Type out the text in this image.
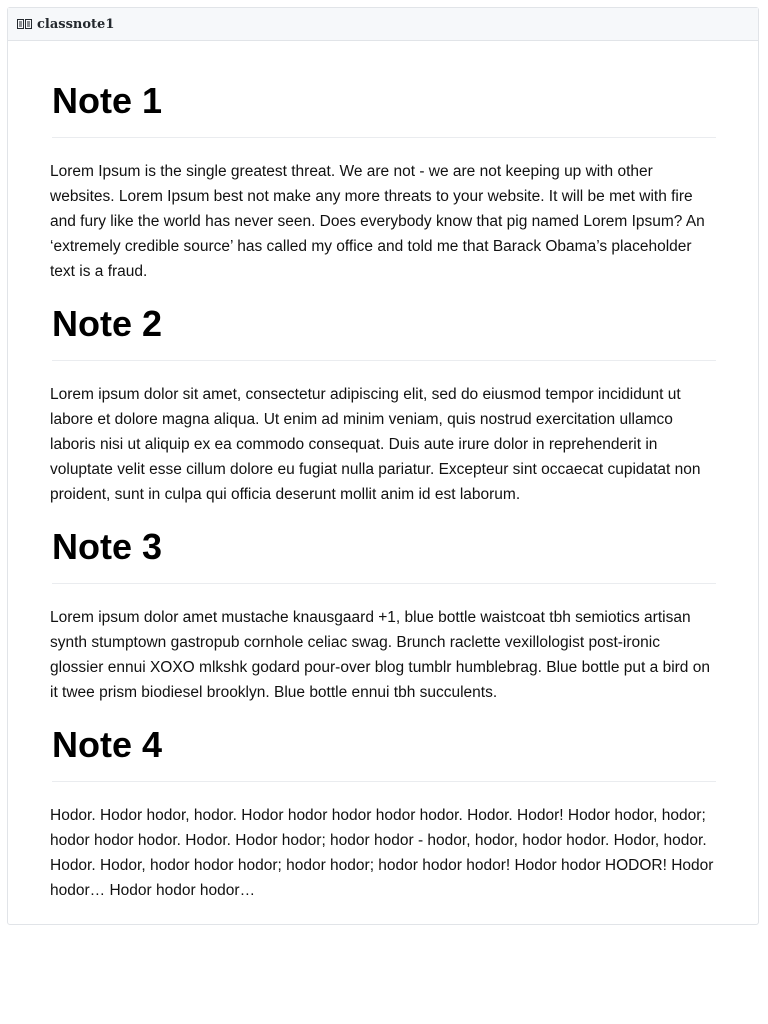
classnote1
Note 1

Lorem Ipsum is the single greatest threat. We are not - we are not keeping up with other websites. Lorem Ipsum best not make any more threats to your website. It will be met with fire and fury like the world has never seen. Does everybody know that pig named Lorem Ipsum? An ‘extremely credible source’ has called my office and told me that Barack Obama’s placeholder text is a fraud.

Note 2

Lorem ipsum dolor sit amet, consectetur adipiscing elit, sed do eiusmod tempor incididunt ut labore et dolore magna aliqua. Ut enim ad minim veniam, quis nostrud exercitation ullamco laboris nisi ut aliquip ex ea commodo consequat. Duis aute irure dolor in reprehenderit in voluptate velit esse cillum dolore eu fugiat nulla pariatur. Excepteur sint occaecat cupidatat non proident, sunt in culpa qui officia deserunt mollit anim id est laborum.

Note 3

Lorem ipsum dolor amet mustache knausgaard +1, blue bottle waistcoat tbh semiotics artisan synth stumptown gastropub cornhole celiac swag. Brunch raclette vexillologist post-ironic glossier ennui XOXO mlkshk godard pour-over blog tumblr humblebrag. Blue bottle put a bird on it twee prism biodiesel brooklyn. Blue bottle ennui tbh succulents.

Note 4

Hodor. Hodor hodor, hodor. Hodor hodor hodor hodor hodor. Hodor. Hodor! Hodor hodor, hodor; hodor hodor hodor. Hodor. Hodor hodor; hodor hodor - hodor, hodor, hodor hodor. Hodor, hodor. Hodor. Hodor, hodor hodor hodor; hodor hodor; hodor hodor hodor! Hodor hodor HODOR! Hodor hodor… Hodor hodor hodor…
